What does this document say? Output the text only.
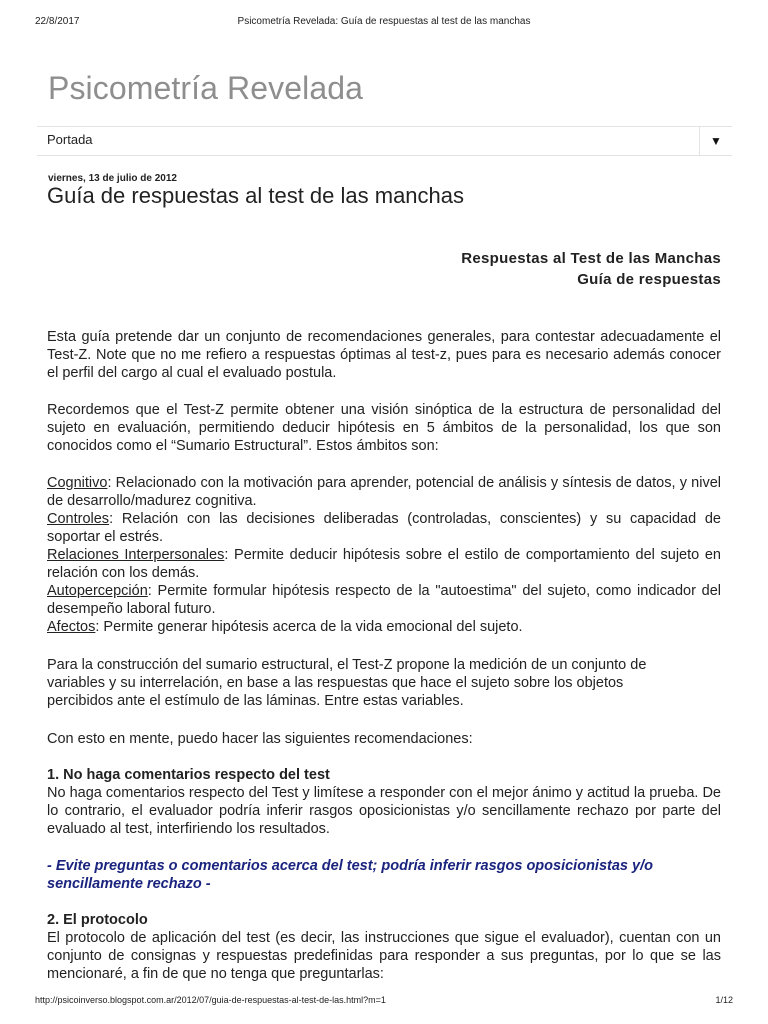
22/8/2017	Psicometría Revelada: Guía de respuestas al test de las manchas
Psicometría Revelada
Portada	▼
viernes, 13 de julio de 2012
Guía de respuestas al test de las manchas
Respuestas al Test de las Manchas
Guía de respuestas

Esta guía pretende dar un conjunto de recomendaciones generales, para contestar adecuadamente el Test-Z. Note que no me refiero a respuestas óptimas al test-z, pues para es necesario además conocer el perfil del cargo al cual el evaluado postula.

Recordemos que el Test-Z permite obtener una visión sinóptica de la estructura de personalidad del sujeto en evaluación, permitiendo deducir hipótesis en 5 ámbitos de la personalidad, los que son conocidos como el “Sumario Estructural”. Estos ámbitos son:

Cognitivo: Relacionado con la motivación para aprender, potencial de análisis y síntesis de datos, y nivel de desarrollo/madurez cognitiva.
Controles: Relación con las decisiones deliberadas (controladas, conscientes) y su capacidad de soportar el estrés.
Relaciones Interpersonales: Permite deducir hipótesis sobre el estilo de comportamiento del sujeto en relación con los demás.
Autopercepción: Permite formular hipótesis respecto de la "autoestima" del sujeto, como indicador del desempeño laboral futuro.
Afectos: Permite generar hipótesis acerca de la vida emocional del sujeto.
Para la construcción del sumario estructural, el Test-Z propone la medición de un conjunto de
variables y su interrelación, en base a las respuestas que hace el sujeto sobre los objetos
percibidos ante el estímulo de las láminas. Entre estas variables.

Con esto en mente, puedo hacer las siguientes recomendaciones:

1. No haga comentarios respecto del test

No haga comentarios respecto del Test y limítese a responder con el mejor ánimo y actitud la prueba. De lo contrario, el evaluador podría inferir rasgos oposicionistas y/o sencillamente rechazo por parte del evaluado al test, interfiriendo los resultados.

- Evite preguntas o comentarios acerca del test; podría inferir rasgos oposicionistas y/o
sencillamente rechazo -
2. El protocolo

El protocolo de aplicación del test (es decir, las instrucciones que sigue el evaluador), cuentan con un conjunto de consignas y respuestas predefinidas para responder a sus preguntas, por lo que se las mencionaré, a fin de que no tenga que preguntarlas:

http://psicoinverso.blogspot.com.ar/2012/07/guia-de-respuestas-al-test-de-las.html?m=1	1/12
